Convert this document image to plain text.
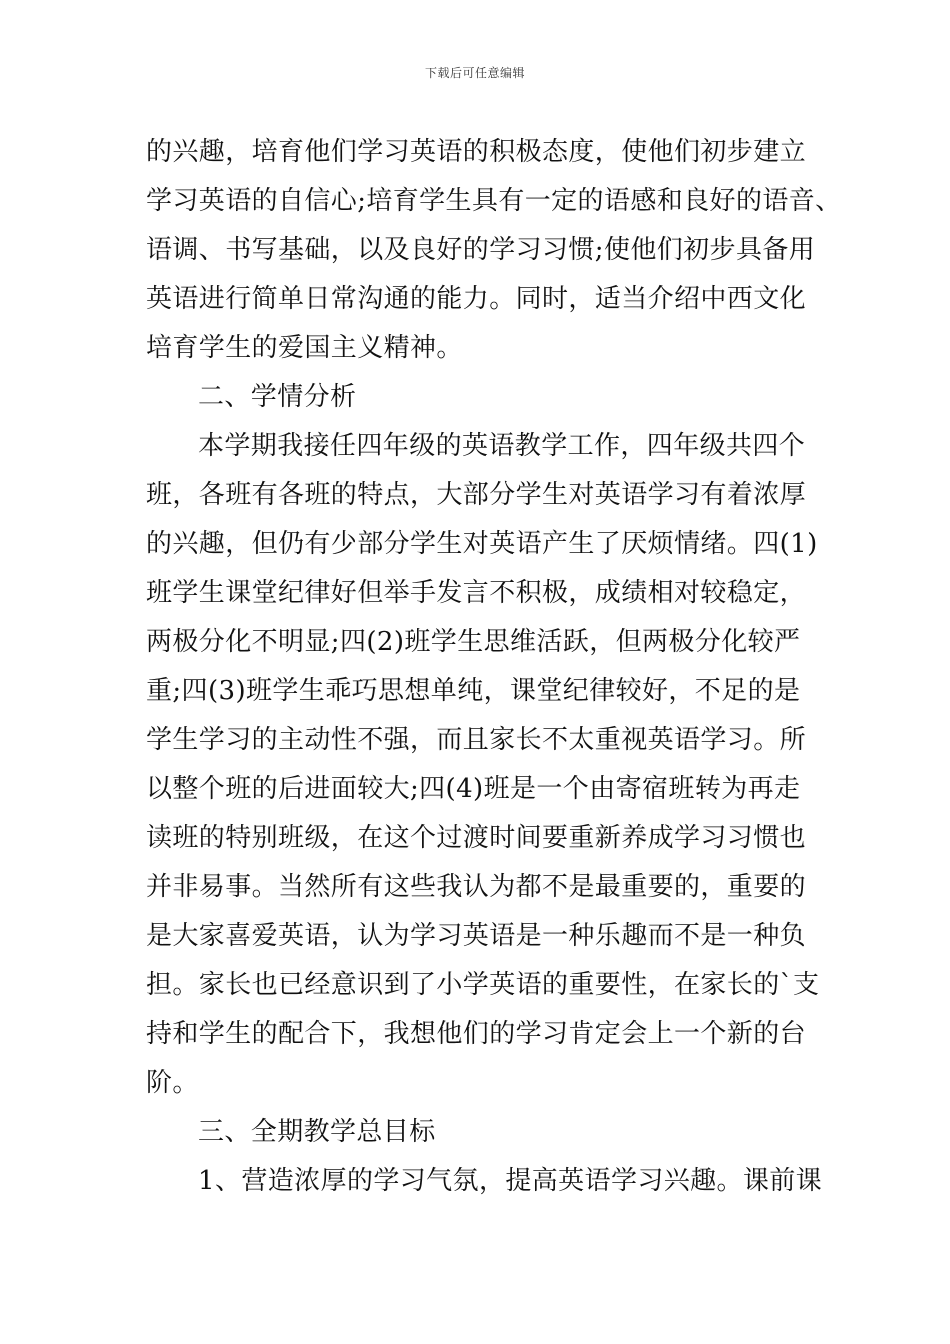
下载后可任意编辑
的兴趣，培育他们学习英语的积极态度，使他们初步建立
学习英语的自信心;培育学生具有一定的语感和良好的语音、
语调、书写基础，以及良好的学习习惯;使他们初步具备用
英语进行简单日常沟通的能力。同时，适当介绍中西文化
培育学生的爱国主义精神。
二、学情分析
本学期我接任四年级的英语教学工作，四年级共四个
班，各班有各班的特点，大部分学生对英语学习有着浓厚
的兴趣，但仍有少部分学生对英语产生了厌烦情绪。四(1)
班学生课堂纪律好但举手发言不积极，成绩相对较稳定，
两极分化不明显;四(2)班学生思维活跃，但两极分化较严
重;四(3)班学生乖巧思想单纯，课堂纪律较好，不足的是
学生学习的主动性不强，而且家长不太重视英语学习。所
以整个班的后进面较大;四(4)班是一个由寄宿班转为再走
读班的特别班级，在这个过渡时间要重新养成学习习惯也
并非易事。当然所有这些我认为都不是最重要的，重要的
是大家喜爱英语，认为学习英语是一种乐趣而不是一种负
担。家长也已经意识到了小学英语的重要性，在家长的`支
持和学生的配合下，我想他们的学习肯定会上一个新的台
阶。
三、全期教学总目标
1、营造浓厚的学习气氛，提高英语学习兴趣。课前课
